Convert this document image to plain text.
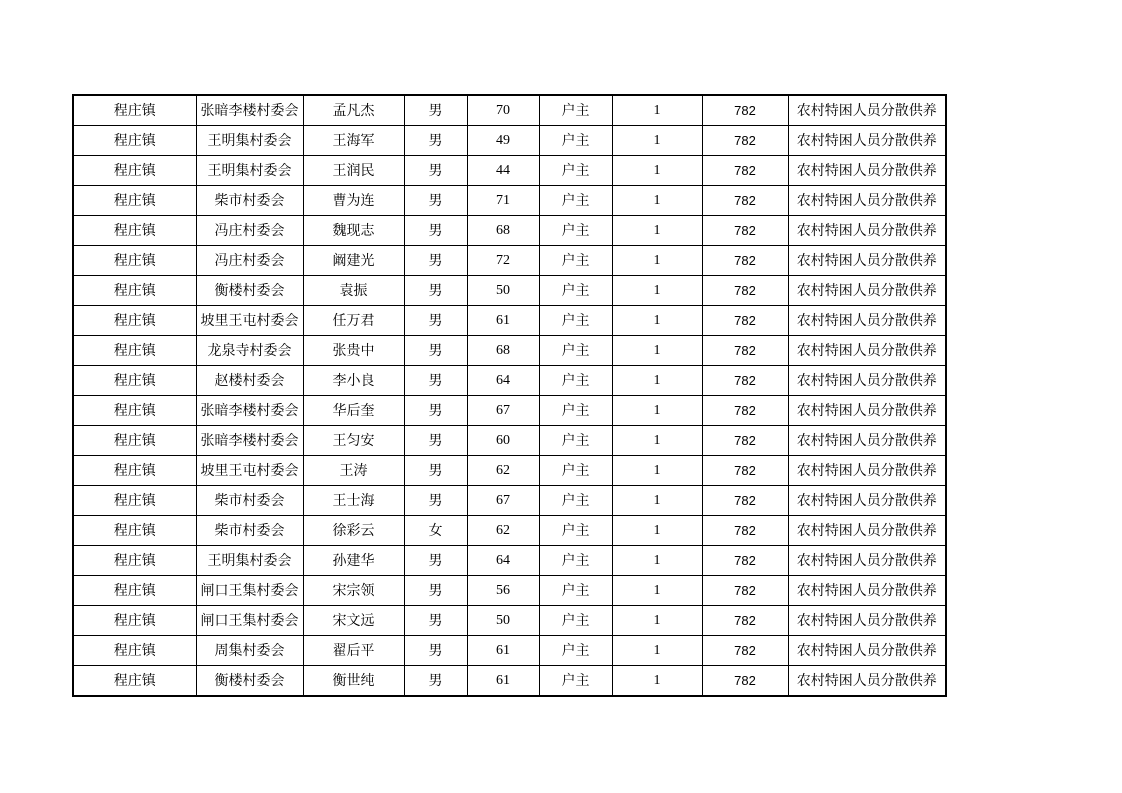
程庄镇	张暗李楼村委会	孟凡杰	男	70	户主	1	782	农村特困人员分散供养
程庄镇	王明集村委会	王海军	男	49	户主	1	782	农村特困人员分散供养
程庄镇	王明集村委会	王润民	男	44	户主	1	782	农村特困人员分散供养
程庄镇	柴市村委会	曹为连	男	71	户主	1	782	农村特困人员分散供养
程庄镇	冯庄村委会	魏现志	男	68	户主	1	782	农村特困人员分散供养
程庄镇	冯庄村委会	阚建光	男	72	户主	1	782	农村特困人员分散供养
程庄镇	衡楼村委会	袁振	男	50	户主	1	782	农村特困人员分散供养
程庄镇	坡里王屯村委会	任万君	男	61	户主	1	782	农村特困人员分散供养
程庄镇	龙泉寺村委会	张贵中	男	68	户主	1	782	农村特困人员分散供养
程庄镇	赵楼村委会	李小良	男	64	户主	1	782	农村特困人员分散供养
程庄镇	张暗李楼村委会	华后奎	男	67	户主	1	782	农村特困人员分散供养
程庄镇	张暗李楼村委会	王匀安	男	60	户主	1	782	农村特困人员分散供养
程庄镇	坡里王屯村委会	王涛	男	62	户主	1	782	农村特困人员分散供养
程庄镇	柴市村委会	王士海	男	67	户主	1	782	农村特困人员分散供养
程庄镇	柴市村委会	徐彩云	女	62	户主	1	782	农村特困人员分散供养
程庄镇	王明集村委会	孙建华	男	64	户主	1	782	农村特困人员分散供养
程庄镇	闸口王集村委会	宋宗领	男	56	户主	1	782	农村特困人员分散供养
程庄镇	闸口王集村委会	宋文远	男	50	户主	1	782	农村特困人员分散供养
程庄镇	周集村委会	翟后平	男	61	户主	1	782	农村特困人员分散供养
程庄镇	衡楼村委会	衡世纯	男	61	户主	1	782	农村特困人员分散供养
